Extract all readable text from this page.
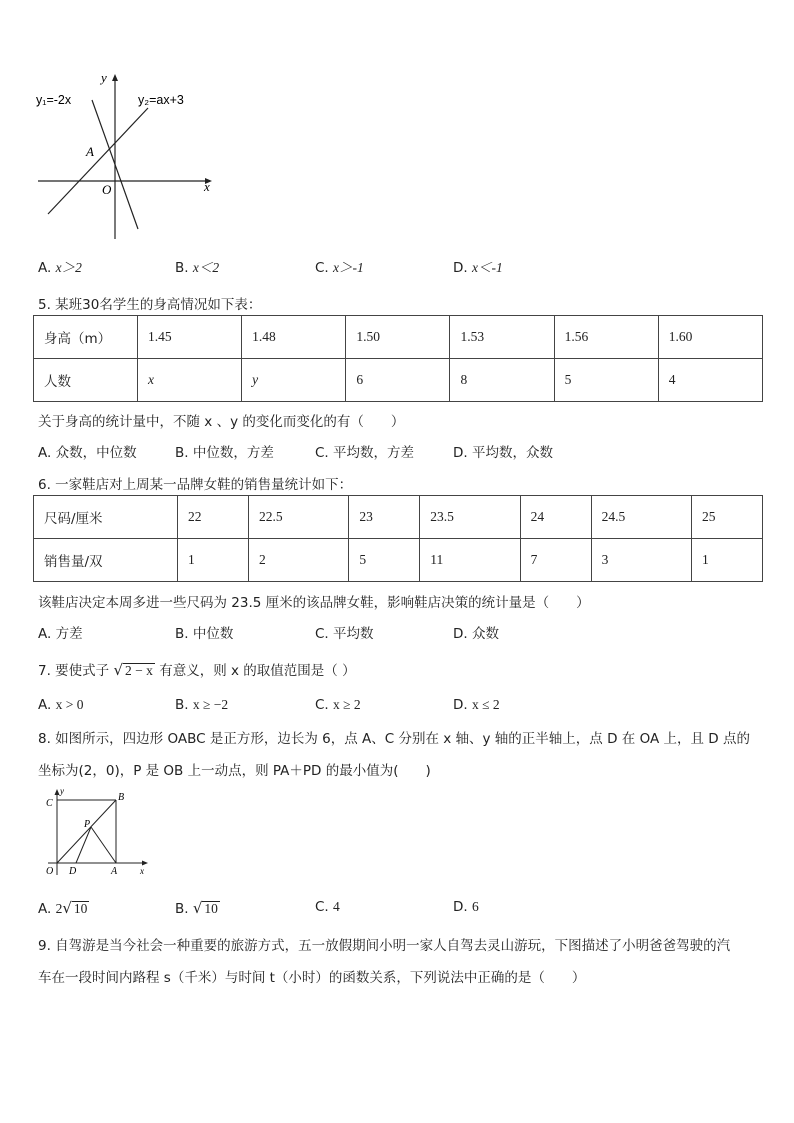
y₁=-2x	y₂=ax+3
y
x
A
O
A. x＞2	B. x＜2	C. x＞-1	D. x＜-1
5. 某班30名学生的身高情况如下表：
身高（m）	1.45	1.48	1.50	1.53	1.56	1.60
人数	x	y	6	8	5	4
关于身高的统计量中，不随 x 、y 的变化而变化的有（　　）
A. 众数，中位数	B. 中位数，方差	C. 平均数，方差	D. 平均数，众数
6. 一家鞋店对上周某一品牌女鞋的销售量统计如下：
尺码/厘米	22	22.5	23	23.5	24	24.5	25
销售量/双	1	2	5	11	7	3	1
该鞋店决定本周多进一些尺码为 23.5 厘米的该品牌女鞋，影响鞋店决策的统计量是（　　）
A. 方差	B. 中位数	C. 平均数	D. 众数
7. 要使式子 √ 2 − x 有意义，则 x 的取值范围是（ ）
A. x > 0	B. x ≥ −2	C. x ≥ 2	D. x ≤ 2
8. 如图所示，四边形 OABC 是正方形，边长为 6，点 A、C 分别在 x 轴、y 轴的正半轴上，点 D 在 OA 上，且 D 点的
坐标为(2，0)，P 是 OB 上一动点，则 PA＋PD 的最小值为(　　)
y
C
B
P
O D	A	x
A. 2√ 10	B. √ 10	C. 4	D. 6
9. 自驾游是当今社会一种重要的旅游方式，五一放假期间小明一家人自驾去灵山游玩，下图描述了小明爸爸驾驶的汽
车在一段时间内路程 s（千米）与时间 t（小时）的函数关系，下列说法中正确的是（　　）
